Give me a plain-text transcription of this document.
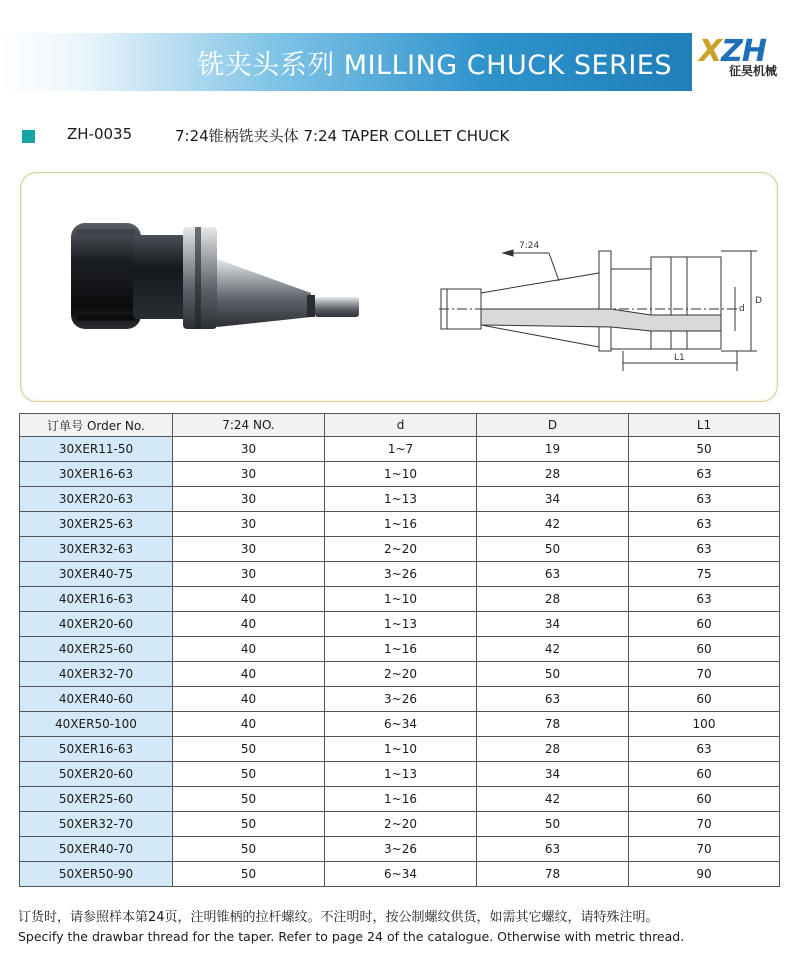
铣夹头系列 MILLING CHUCK SERIES XZH
征昊机械
ZH-0035	7:24锥柄铣夹头体 7:24 TAPER COLLET CHUCK
7:24
d
D
L1
订单号 Order No.	7:24 NO.	d	D	L1
30XER11-50	30	1~7	19	50
30XER16-63	30	1~10	28	63
30XER20-63	30	1~13	34	63
30XER25-63	30	1~16	42	63
30XER32-63	30	2~20	50	63
30XER40-75	30	3~26	63	75
40XER16-63	40	1~10	28	63
40XER20-60	40	1~13	34	60
40XER25-60	40	1~16	42	60
40XER32-70	40	2~20	50	70
40XER40-60	40	3~26	63	60
40XER50-100	40	6~34	78	100
50XER16-63	50	1~10	28	63
50XER20-60	50	1~13	34	60
50XER25-60	50	1~16	42	60
50XER32-70	50	2~20	50	70
50XER40-70	50	3~26	63	70
50XER50-90	50	6~34	78	90
订货时，请参照样本第24页，注明锥柄的拉杆螺纹。不注明时，按公制螺纹供货，如需其它螺纹，请特殊注明。
Specify the drawbar thread for the taper. Refer to page 24 of the catalogue. Otherwise with metric thread.
